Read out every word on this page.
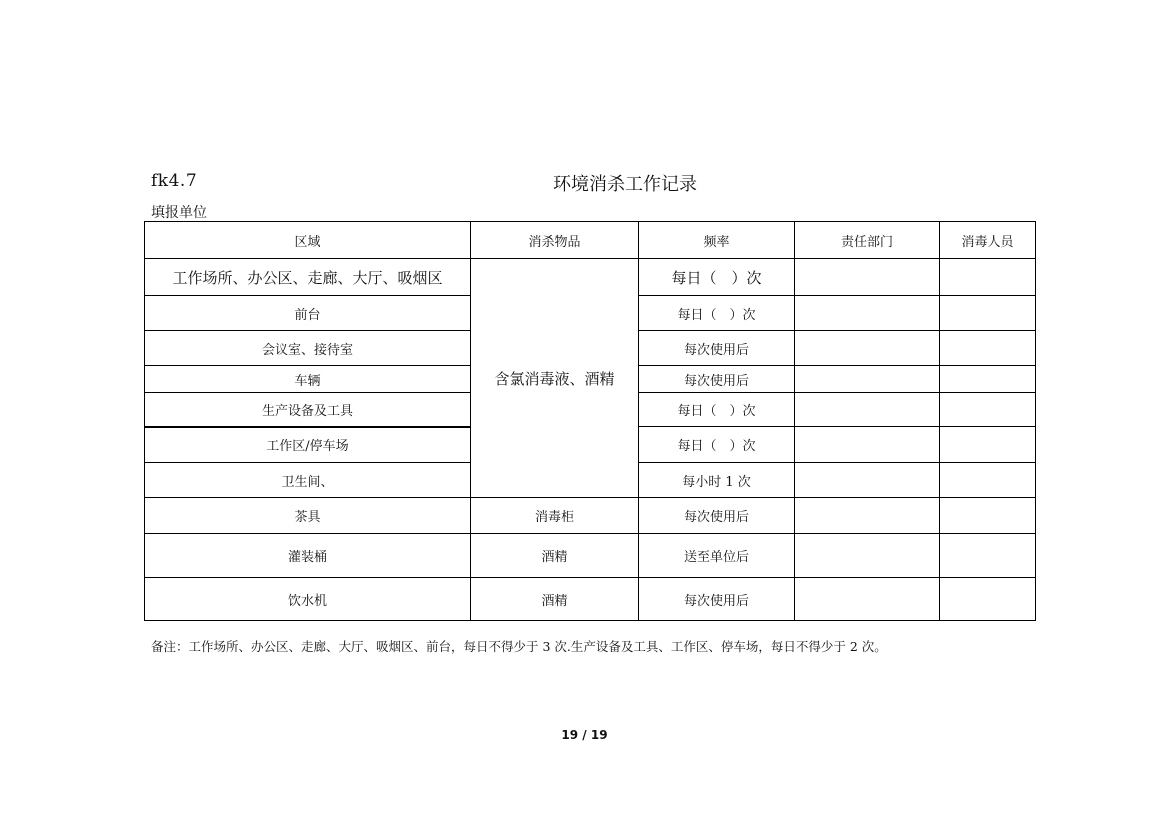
fk4.7	环境消杀工作记录
填报单位
区域	消杀物品	频率	责任部门	消毒人员
工作场所、办公区、走廊、大厅、吸烟区	含氯消毒液、酒精	每日（　）次		
前台		每日（　）次		
会议室、接待室		每次使用后		
车辆		每次使用后		
生产设备及工具		每日（　）次		
工作区/停车场		每日（　）次		
卫生间、		每小时 1 次		
茶具	消毒柜	每次使用后		
灌装桶	酒精	送至单位后		
饮水机	酒精	每次使用后		
备注：工作场所、办公区、走廊、大厅、吸烟区、前台，每日不得少于 3 次.生产设备及工具、工作区、停车场，每日不得少于 2 次。
19 / 19
